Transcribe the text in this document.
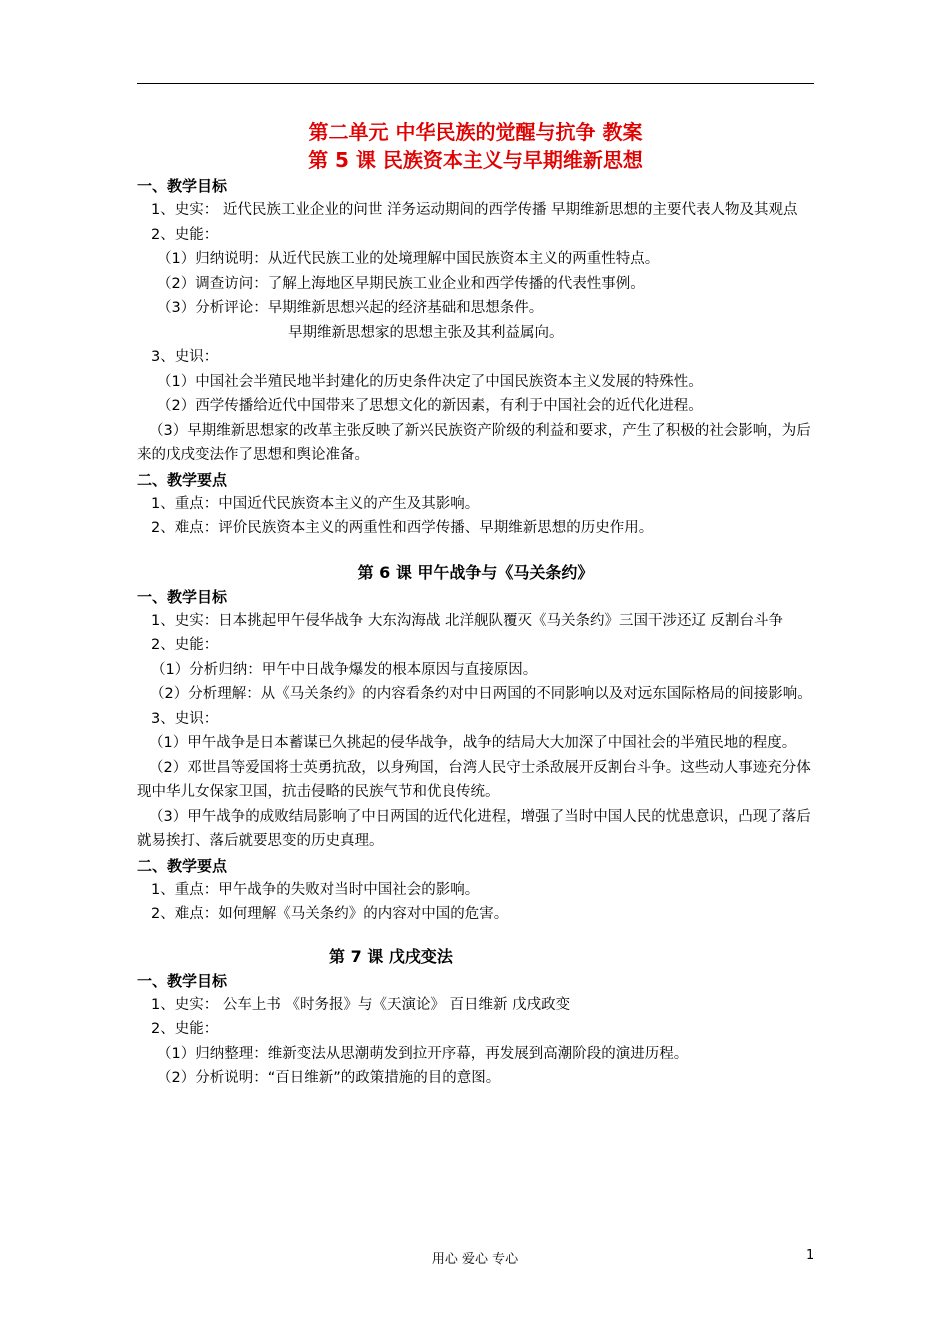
第二单元 中华民族的觉醒与抗争 教案
第 5 课 民族资本主义与早期维新思想
一、教学目标
1、史实： 近代民族工业企业的问世 洋务运动期间的西学传播 早期维新思想的主要代表人物及其观点
2、史能：
（1）归纳说明：从近代民族工业的处境理解中国民族资本主义的两重性特点。
（2）调查访问：了解上海地区早期民族工业企业和西学传播的代表性事例。
（3）分析评论：早期维新思想兴起的经济基础和思想条件。
早期维新思想家的思想主张及其利益属向。
3、史识：
（1）中国社会半殖民地半封建化的历史条件决定了中国民族资本主义发展的特殊性。
（2）西学传播给近代中国带来了思想文化的新因素，有利于中国社会的近代化进程。
（3）早期维新思想家的改革主张反映了新兴民族资产阶级的利益和要求，产生了积极的社会影响，为后来的戊戌变法作了思想和舆论准备。
二、教学要点
1、重点：中国近代民族资本主义的产生及其影响。
2、难点：评价民族资本主义的两重性和西学传播、早期维新思想的历史作用。
第 6 课 甲午战争与《马关条约》
一、教学目标
1、史实：日本挑起甲午侵华战争 大东沟海战 北洋舰队覆灭《马关条约》三国干涉还辽 反割台斗争
2、史能：
（1）分析归纳：甲午中日战争爆发的根本原因与直接原因。
（2）分析理解：从《马关条约》的内容看条约对中日两国的不同影响以及对远东国际格局的间接影响。
3、史识：
（1）甲午战争是日本蓄谋已久挑起的侵华战争，战争的结局大大加深了中国社会的半殖民地的程度。
（2）邓世昌等爱国将士英勇抗敌，以身殉国，台湾人民守士杀敌展开反割台斗争。这些动人事迹充分体现中华儿女保家卫国，抗击侵略的民族气节和优良传统。
（3）甲午战争的成败结局影响了中日两国的近代化进程，增强了当时中国人民的忧患意识，凸现了落后就易挨打、落后就要思变的历史真理。
二、教学要点
1、重点：甲午战争的失败对当时中国社会的影响。
2、难点：如何理解《马关条约》的内容对中国的危害。
第 7 课 戊戌变法
一、教学目标
1、史实： 公车上书 《时务报》与《天演论》 百日维新 戊戌政变
2、史能：
（1）归纳整理：维新变法从思潮萌发到拉开序幕，再发展到高潮阶段的演进历程。
（2）分析说明：“百日维新”的政策措施的目的意图。
用心 爱心 专心	1
